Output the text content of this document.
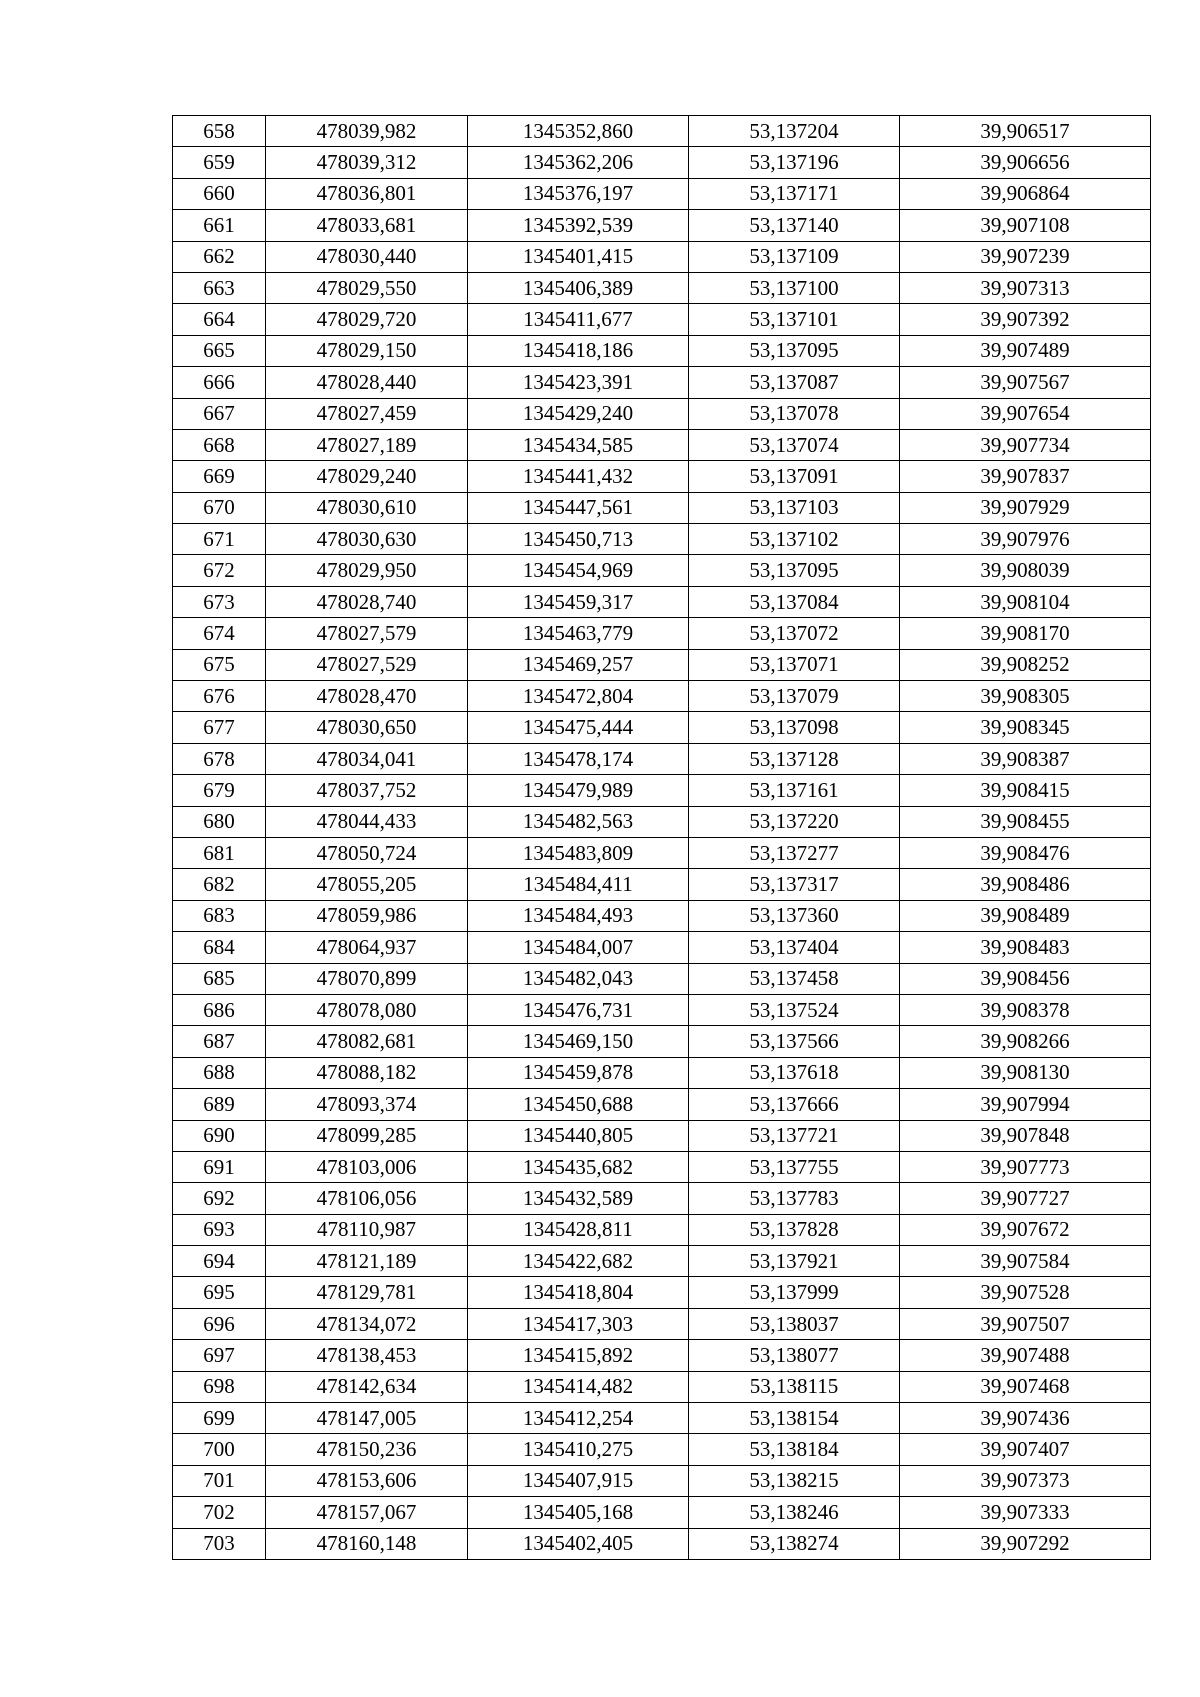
658	478039,982	1345352,860	53,137204	39,906517
659	478039,312	1345362,206	53,137196	39,906656
660	478036,801	1345376,197	53,137171	39,906864
661	478033,681	1345392,539	53,137140	39,907108
662	478030,440	1345401,415	53,137109	39,907239
663	478029,550	1345406,389	53,137100	39,907313
664	478029,720	1345411,677	53,137101	39,907392
665	478029,150	1345418,186	53,137095	39,907489
666	478028,440	1345423,391	53,137087	39,907567
667	478027,459	1345429,240	53,137078	39,907654
668	478027,189	1345434,585	53,137074	39,907734
669	478029,240	1345441,432	53,137091	39,907837
670	478030,610	1345447,561	53,137103	39,907929
671	478030,630	1345450,713	53,137102	39,907976
672	478029,950	1345454,969	53,137095	39,908039
673	478028,740	1345459,317	53,137084	39,908104
674	478027,579	1345463,779	53,137072	39,908170
675	478027,529	1345469,257	53,137071	39,908252
676	478028,470	1345472,804	53,137079	39,908305
677	478030,650	1345475,444	53,137098	39,908345
678	478034,041	1345478,174	53,137128	39,908387
679	478037,752	1345479,989	53,137161	39,908415
680	478044,433	1345482,563	53,137220	39,908455
681	478050,724	1345483,809	53,137277	39,908476
682	478055,205	1345484,411	53,137317	39,908486
683	478059,986	1345484,493	53,137360	39,908489
684	478064,937	1345484,007	53,137404	39,908483
685	478070,899	1345482,043	53,137458	39,908456
686	478078,080	1345476,731	53,137524	39,908378
687	478082,681	1345469,150	53,137566	39,908266
688	478088,182	1345459,878	53,137618	39,908130
689	478093,374	1345450,688	53,137666	39,907994
690	478099,285	1345440,805	53,137721	39,907848
691	478103,006	1345435,682	53,137755	39,907773
692	478106,056	1345432,589	53,137783	39,907727
693	478110,987	1345428,811	53,137828	39,907672
694	478121,189	1345422,682	53,137921	39,907584
695	478129,781	1345418,804	53,137999	39,907528
696	478134,072	1345417,303	53,138037	39,907507
697	478138,453	1345415,892	53,138077	39,907488
698	478142,634	1345414,482	53,138115	39,907468
699	478147,005	1345412,254	53,138154	39,907436
700	478150,236	1345410,275	53,138184	39,907407
701	478153,606	1345407,915	53,138215	39,907373
702	478157,067	1345405,168	53,138246	39,907333
703	478160,148	1345402,405	53,138274	39,907292
